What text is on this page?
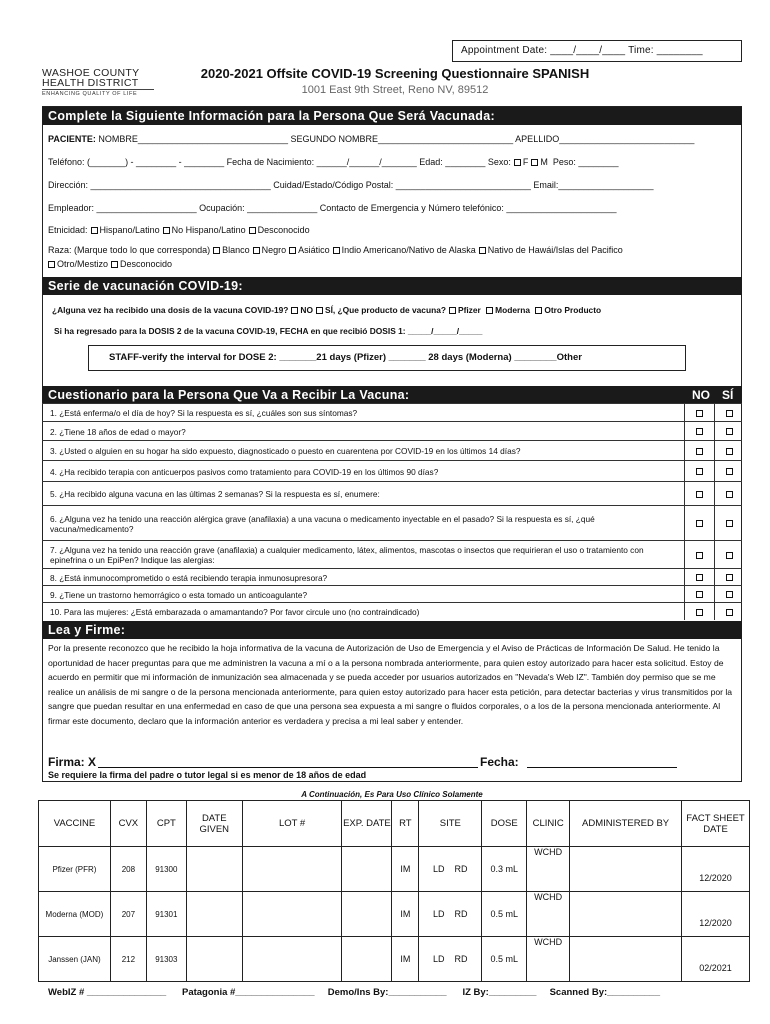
Appointment Date: ____/____/____ Time: ________
WASHOE COUNTY
HEALTH DISTRICT
ENHANCING QUALITY OF LIFE
2020-2021 Offsite COVID-19 Screening Questionnaire SPANISH
1001 East 9th Street, Reno NV, 89512
Complete la Siguiente Información para la Persona Que Será Vacunada:
PACIENTE: NOMBRE______________________________ SEGUNDO NOMBRE___________________________ APELLIDO___________________________
Teléfono: (_______) - ________ - ________ Fecha de Nacimiento: ______/______/_______ Edad: ________ Sexo: F M Peso: ________
Dirección: ____________________________________ Cuidad/Estado/Código Postal: ___________________________ Email:___________________
Empleador: ____________________ Ocupación: ______________ Contacto de Emergencia y Número telefónico: ______________________
Etnicidad: Hispano/Latino No Hispano/Latino Desconocido
Raza: (Marque todo lo que corresponda) Blanco Negro Asiático Indio Americano/Nativo de Alaska Nativo de Hawái/Islas del Pacifico
Otro/Mestizo Desconocido
Serie de vacunación COVID-19:
¿Alguna vez ha recibido una dosis de la vacuna COVID-19? NO SÍ, ¿Que producto de vacuna? Pfizer Moderna Otro Producto
Si ha regresado para la DOSIS 2 de la vacuna COVID-19, FECHA en que recibió DOSIS 1: _____/_____/_____
STAFF-verify the interval for DOSE 2: _______21 days (Pfizer) _______ 28 days (Moderna) ________Other
Cuestionario para la Persona Que Va a Recibir La Vacuna:	NO SÍ
1. ¿Está enferma/o el día de hoy? Si la respuesta es sí, ¿cuáles son sus síntomas?
2. ¿Tiene 18 años de edad o mayor?
3. ¿Usted o alguien en su hogar ha sido expuesto, diagnosticado o puesto en cuarentena por COVID-19 en los últimos 14 días?
4. ¿Ha recibido terapia con anticuerpos pasivos como tratamiento para COVID-19 en los últimos 90 días?
5. ¿Ha recibido alguna vacuna en las últimas 2 semanas? Si la respuesta es sí, enumere:
6. ¿Alguna vez ha tenido una reacción alérgica grave (anafilaxia) a una vacuna o medicamento inyectable en el pasado? Si la respuesta es sí, ¿qué vacuna/medicamento?
7. ¿Alguna vez ha tenido una reacción grave (anafilaxia) a cualquier medicamento, látex, alimentos, mascotas o insectos que requirieran el uso o tratamiento con epinefrina o un EpiPen? Indique las alergias:
8. ¿Está inmunocomprometido o está recibiendo terapia inmunosupresora?
9. ¿Tiene un trastorno hemorrágico o esta tomado un anticoagulante?
10. Para las mujeres: ¿Está embarazada o amamantando? Por favor circule uno (no contraindicado)
Lea y Firme:
Por la presente reconozco que he recibido la hoja informativa de la vacuna de Autorización de Uso de Emergencia y el Aviso de Prácticas de Información De Salud. He tenido la oportunidad de hacer preguntas para que me administren la vacuna a mí o a la persona nombrada anteriormente, para quien estoy autorizado para hacer esta solicitud. Estoy de acuerdo en permitir que mi información de inmunización sea almacenada y se pueda acceder por usuarios autorizados en "Nevada's Web IZ". También doy permiso que se me realice un análisis de mi sangre o de la persona mencionada anteriormente, para quien estoy autorizado para hacer esta petición, para detectar bacterias y virus transmitidos por la sangre que puedan resultar en una enfermedad en caso de que una persona sea expuesta a mi sangre o fluidos corporales, o a los de la persona mencionada anteriormente. Al firmar este documento, declaro que la información anterior es verdadera y precisa a mi leal saber y entender.
Firma: X	Fecha:
Se requiere la firma del padre o tutor legal si es menor de 18 años de edad
A Continuación, Es Para Uso Clínico Solamente
VACCINE	CVX	CPT	DATE GIVEN	LOT #	EXP. DATE	RT	SITE	DOSE	CLINIC	ADMINISTERED BY	FACT SHEET DATE
Pfizer (PFR)	208	91300				IM	LD    RD	0.3 mL	WCHD		12/2020
Moderna (MOD)	207	91301				IM	LD    RD	0.5 mL	WCHD		12/2020
Janssen (JAN)	212	91303				IM	LD    RD	0.5 mL	WCHD		02/2021
WebIZ # _______________ Patagonia #_______________ Demo/Ins By:___________ IZ By:_________ Scanned By:__________
